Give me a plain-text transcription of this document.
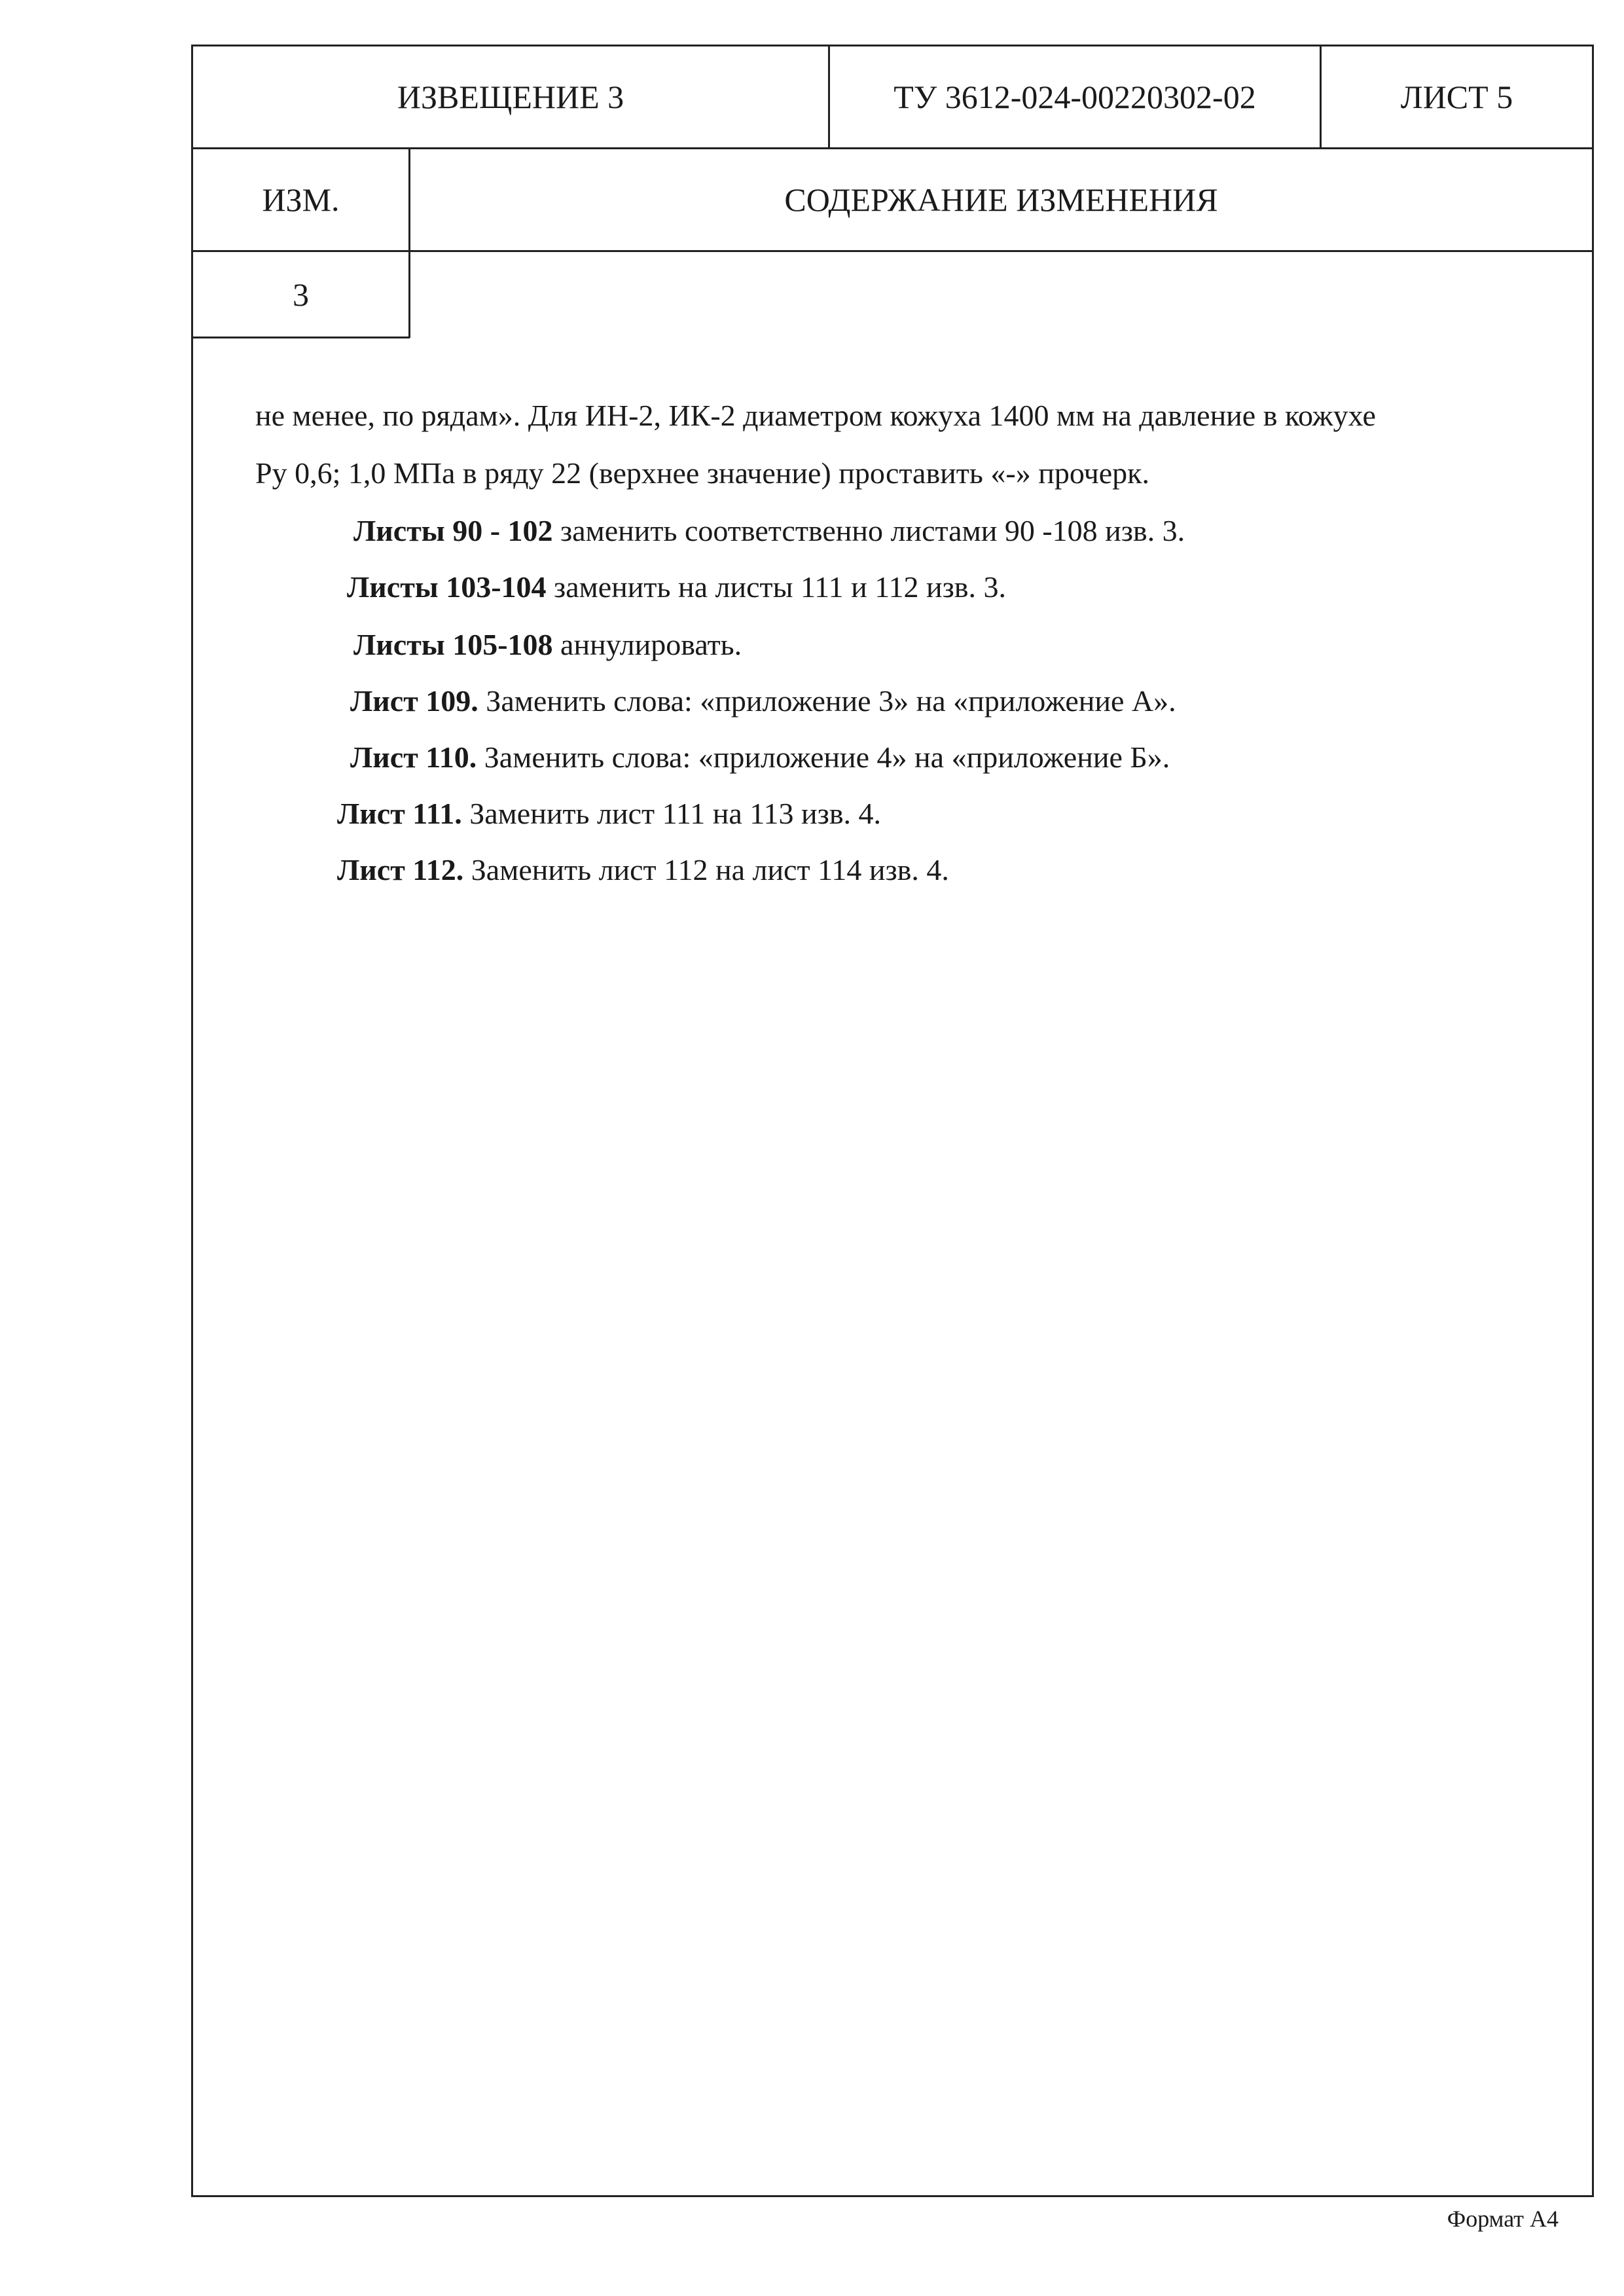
ИЗВЕЩЕНИЕ 3	ТУ 3612-024-00220302-02	ЛИСТ 5
ИЗМ.	СОДЕРЖАНИЕ ИЗМЕНЕНИЯ
3
не менее, по рядам». Для ИН-2, ИК-2 диаметром кожуха 1400 мм на давление в кожухе
Ру 0,6; 1,0 МПа в ряду 22 (верхнее значение) проставить «-» прочерк.
Листы 90 - 102 заменить соответственно листами 90 -108 изв. 3.
Листы 103-104 заменить на листы 111 и 112 изв. 3.
Листы 105-108 аннулировать.
Лист 109. Заменить слова: «приложение 3» на «приложение А».
Лист 110. Заменить слова: «приложение 4» на «приложение Б».
Лист 111. Заменить лист 111 на 113 изв. 4.
Лист 112. Заменить лист 112 на лист 114 изв. 4.
Формат А4
